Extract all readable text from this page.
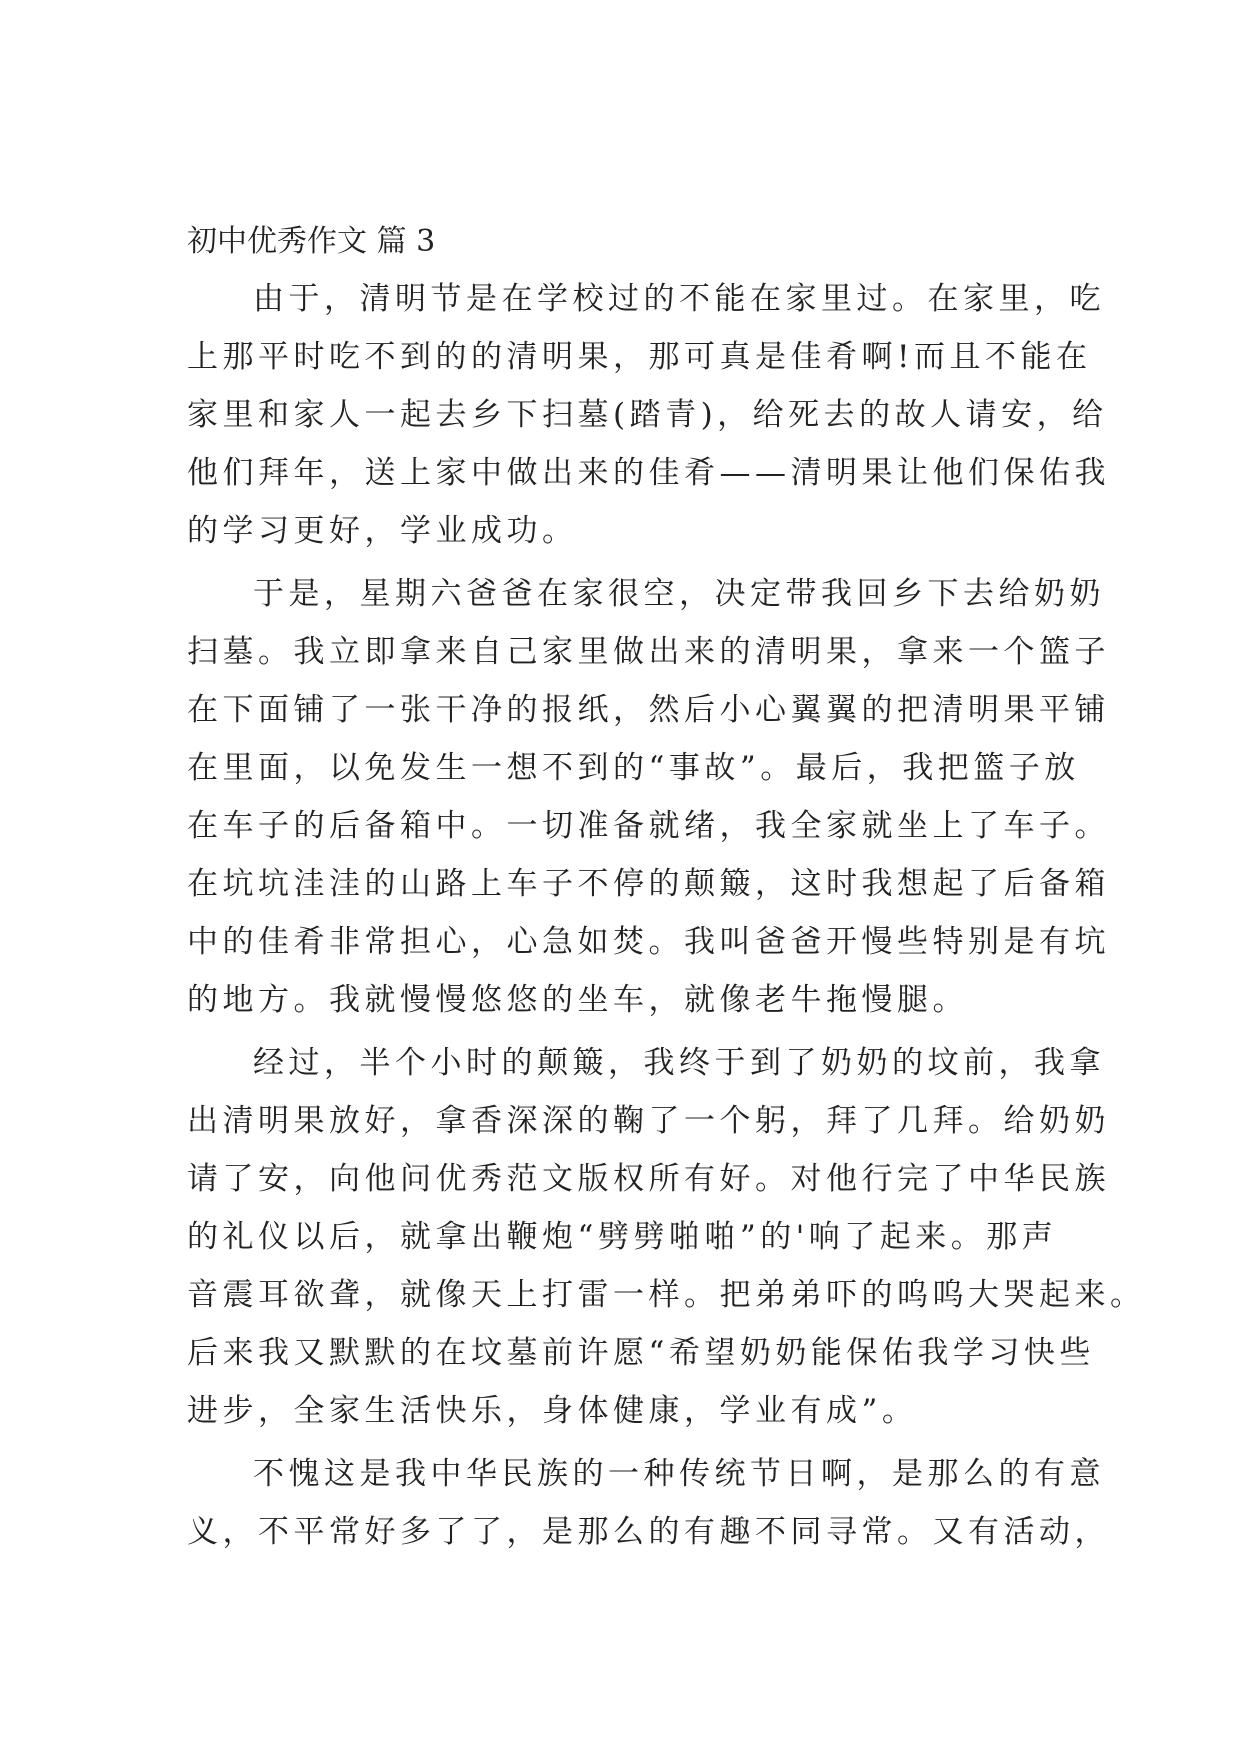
初中优秀作文 篇 3
由于，清明节是在学校过的不能在家里过。在家里，吃
上那平时吃不到的的清明果，那可真是佳肴啊!而且不能在
家里和家人一起去乡下扫墓(踏青)，给死去的故人请安，给
他们拜年，送上家中做出来的佳肴——清明果让他们保佑我
的学习更好，学业成功。
于是，星期六爸爸在家很空，决定带我回乡下去给奶奶
扫墓。我立即拿来自己家里做出来的清明果，拿来一个篮子
在下面铺了一张干净的报纸，然后小心翼翼的把清明果平铺
在里面，以免发生一想不到的“事故”。最后，我把篮子放
在车子的后备箱中。一切准备就绪，我全家就坐上了车子。
在坑坑洼洼的山路上车子不停的颠簸，这时我想起了后备箱
中的佳肴非常担心，心急如焚。我叫爸爸开慢些特别是有坑
的地方。我就慢慢悠悠的坐车，就像老牛拖慢腿。
经过，半个小时的颠簸，我终于到了奶奶的坟前，我拿
出清明果放好，拿香深深的鞠了一个躬，拜了几拜。给奶奶
请了安，向他问优秀范文版权所有好。对他行完了中华民族
的礼仪以后，就拿出鞭炮“劈劈啪啪”的'响了起来。那声
音震耳欲聋，就像天上打雷一样。把弟弟吓的呜呜大哭起来。
后来我又默默的在坟墓前许愿“希望奶奶能保佑我学习快些
进步，全家生活快乐，身体健康，学业有成”。
不愧这是我中华民族的一种传统节日啊，是那么的有意
义，不平常好多了了，是那么的有趣不同寻常。又有活动，
